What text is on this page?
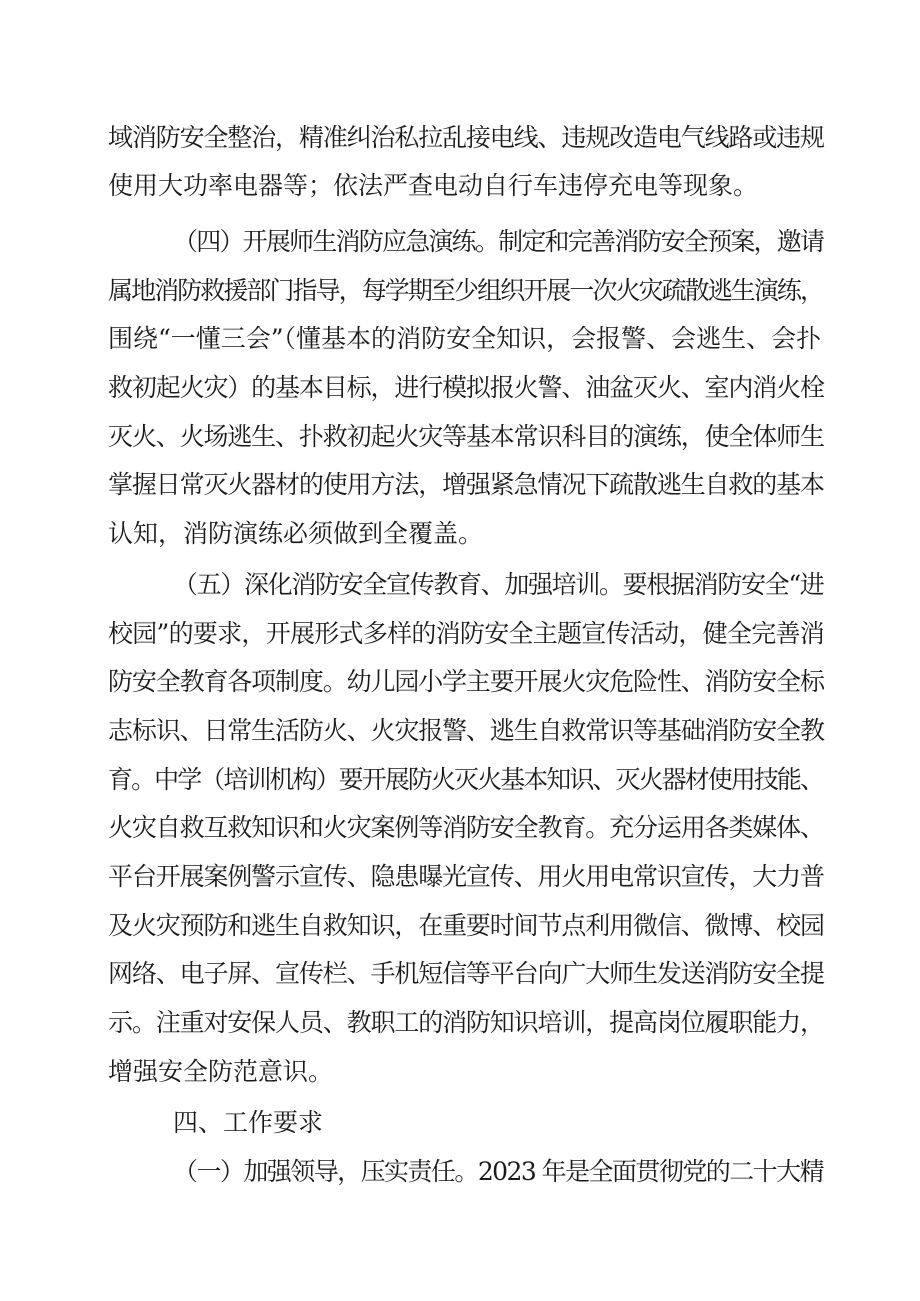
域消防安全整治，精准纠治私拉乱接电线、违规改造电气线路或违规
使用大功率电器等；依法严查电动自行车违停充电等现象。
（四）开展师生消防应急演练。制定和完善消防安全预案，邀请
属地消防救援部门指导，每学期至少组织开展一次火灾疏散逃生演练，
围绕“一懂三会”（懂基本的消防安全知识，会报警、会逃生、会扑
救初起火灾）的基本目标，进行模拟报火警、油盆灭火、室内消火栓
灭火、火场逃生、扑救初起火灾等基本常识科目的演练，使全体师生
掌握日常灭火器材的使用方法，增强紧急情况下疏散逃生自救的基本
认知，消防演练必须做到全覆盖。
（五）深化消防安全宣传教育、加强培训。要根据消防安全“进
校园”的要求，开展形式多样的消防安全主题宣传活动，健全完善消
防安全教育各项制度。幼儿园小学主要开展火灾危险性、消防安全标
志标识、日常生活防火、火灾报警、逃生自救常识等基础消防安全教
育。中学（培训机构）要开展防火灭火基本知识、灭火器材使用技能、
火灾自救互救知识和火灾案例等消防安全教育。充分运用各类媒体、
平台开展案例警示宣传、隐患曝光宣传、用火用电常识宣传，大力普
及火灾预防和逃生自救知识，在重要时间节点利用微信、微博、校园
网络、电子屏、宣传栏、手机短信等平台向广大师生发送消防安全提
示。注重对安保人员、教职工的消防知识培训，提高岗位履职能力，
增强安全防范意识。
四、工作要求
（一）加强领导，压实责任。2023 年是全面贯彻党的二十大精
